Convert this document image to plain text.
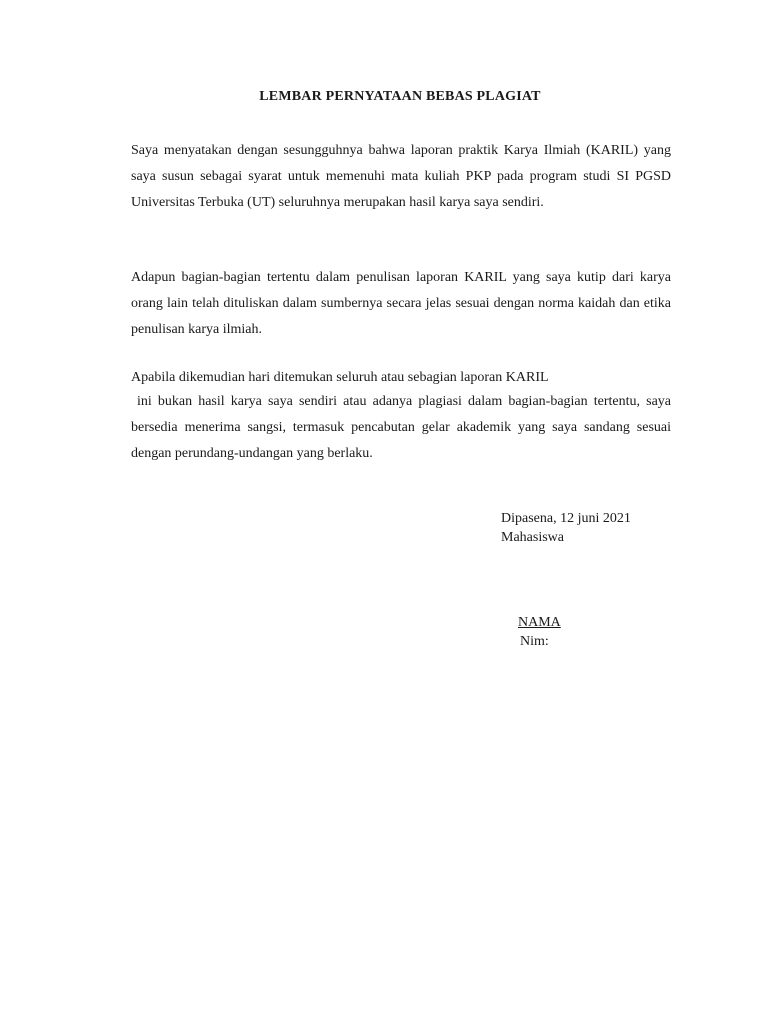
LEMBAR PERNYATAAN BEBAS PLAGIAT

Saya menyatakan dengan sesungguhnya bahwa laporan praktik Karya Ilmiah (KARIL) yang saya susun sebagai syarat untuk memenuhi mata kuliah PKP pada program studi SI PGSD Universitas Terbuka (UT) seluruhnya merupakan hasil karya saya sendiri.

Adapun bagian-bagian tertentu dalam penulisan laporan KARIL yang saya kutip dari karya orang lain telah dituliskan dalam sumbernya secara jelas sesuai dengan norma kaidah dan etika penulisan karya ilmiah.

Apabila dikemudian hari ditemukan seluruh atau sebagian laporan KARIL

ini bukan hasil karya saya sendiri atau adanya plagiasi dalam bagian-bagian tertentu, saya bersedia menerima sangsi, termasuk pencabutan gelar akademik yang saya sandang sesuai dengan perundang-undangan yang berlaku.

Dipasena, 12 juni 2021
Mahasiswa
NAMA
Nim:
